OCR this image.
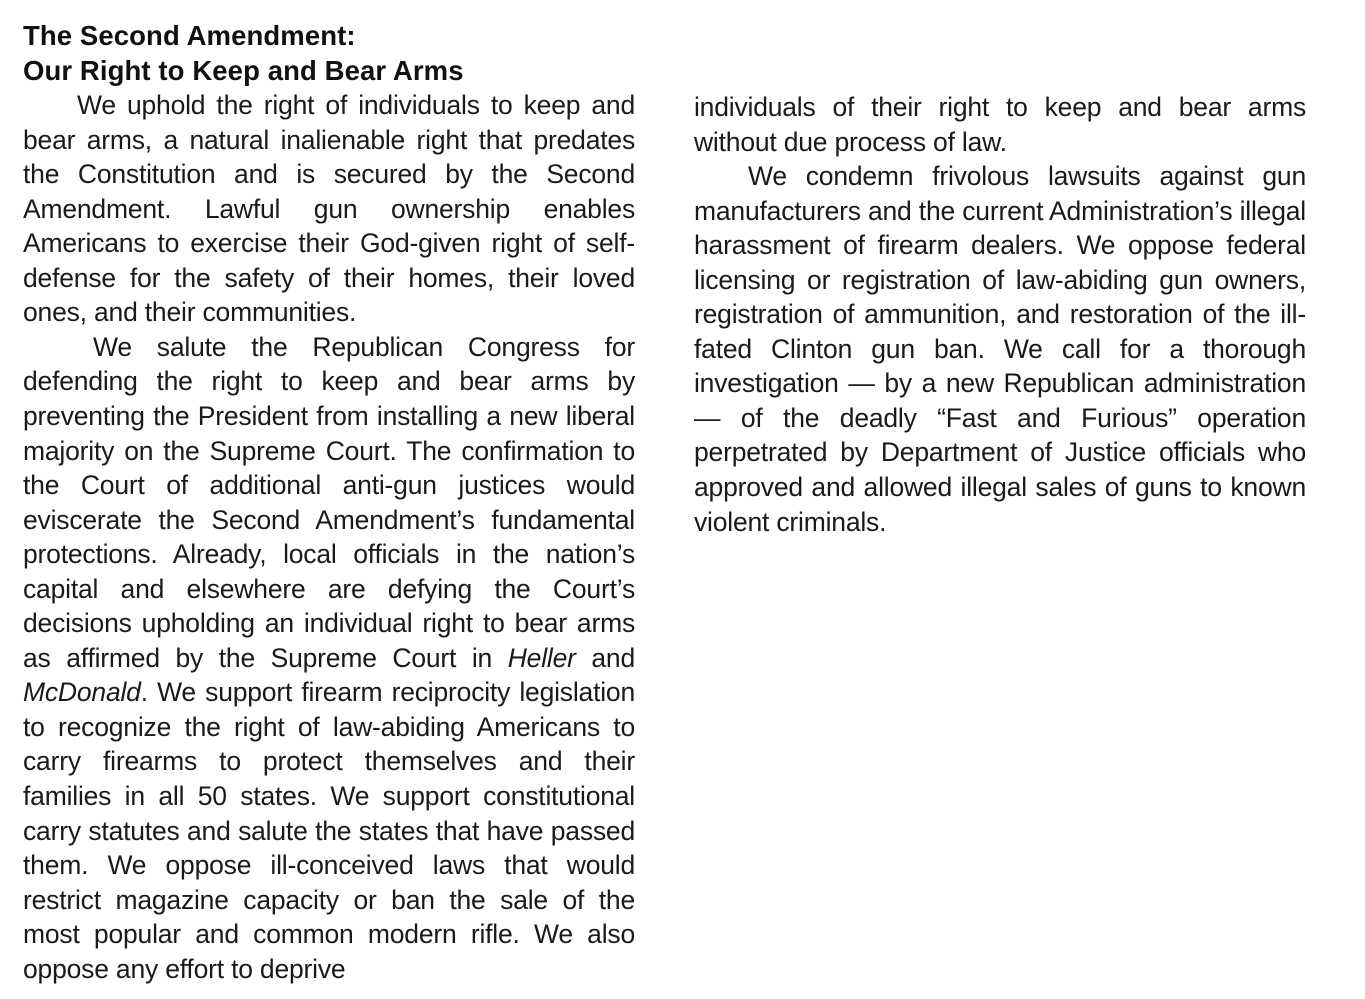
The Second Amendment:
Our Right to Keep and Bear Arms

We uphold the right of individuals to keep and bear arms, a natural inalienable right that predates the Constitution and is secured by the Second Amendment. Lawful gun ownership enables Americans to exercise their God-given right of self-defense for the safety of their homes, their loved ones, and their communities.

We salute the Republican Congress for defending the right to keep and bear arms by preventing the President from installing a new liberal majority on the Supreme Court. The confirmation to the Court of additional anti-gun justices would eviscerate the Second Amendment’s fundamental protections. Already, local officials in the nation’s capital and elsewhere are defying the Court’s decisions upholding an individual right to bear arms as affirmed by the Supreme Court in Heller and McDonald. We support firearm reciprocity legislation to recognize the right of law-abiding Americans to carry firearms to protect themselves and their families in all 50 states. We support constitutional carry statutes and salute the states that have passed them. We oppose ill-conceived laws that would restrict magazine capacity or ban the sale of the most popular and common modern rifle. We also oppose any effort to deprive

individuals of their right to keep and bear arms without due process of law.

We condemn frivolous lawsuits against gun manufacturers and the current Administration’s illegal harassment of firearm dealers. We oppose federal licensing or registration of law-abiding gun owners, registration of ammunition, and restoration of the ill-fated Clinton gun ban. We call for a thorough investigation — by a new Republican administration — of the deadly “Fast and Furious” operation perpetrated by Department of Justice officials who approved and allowed illegal sales of guns to known violent criminals.
